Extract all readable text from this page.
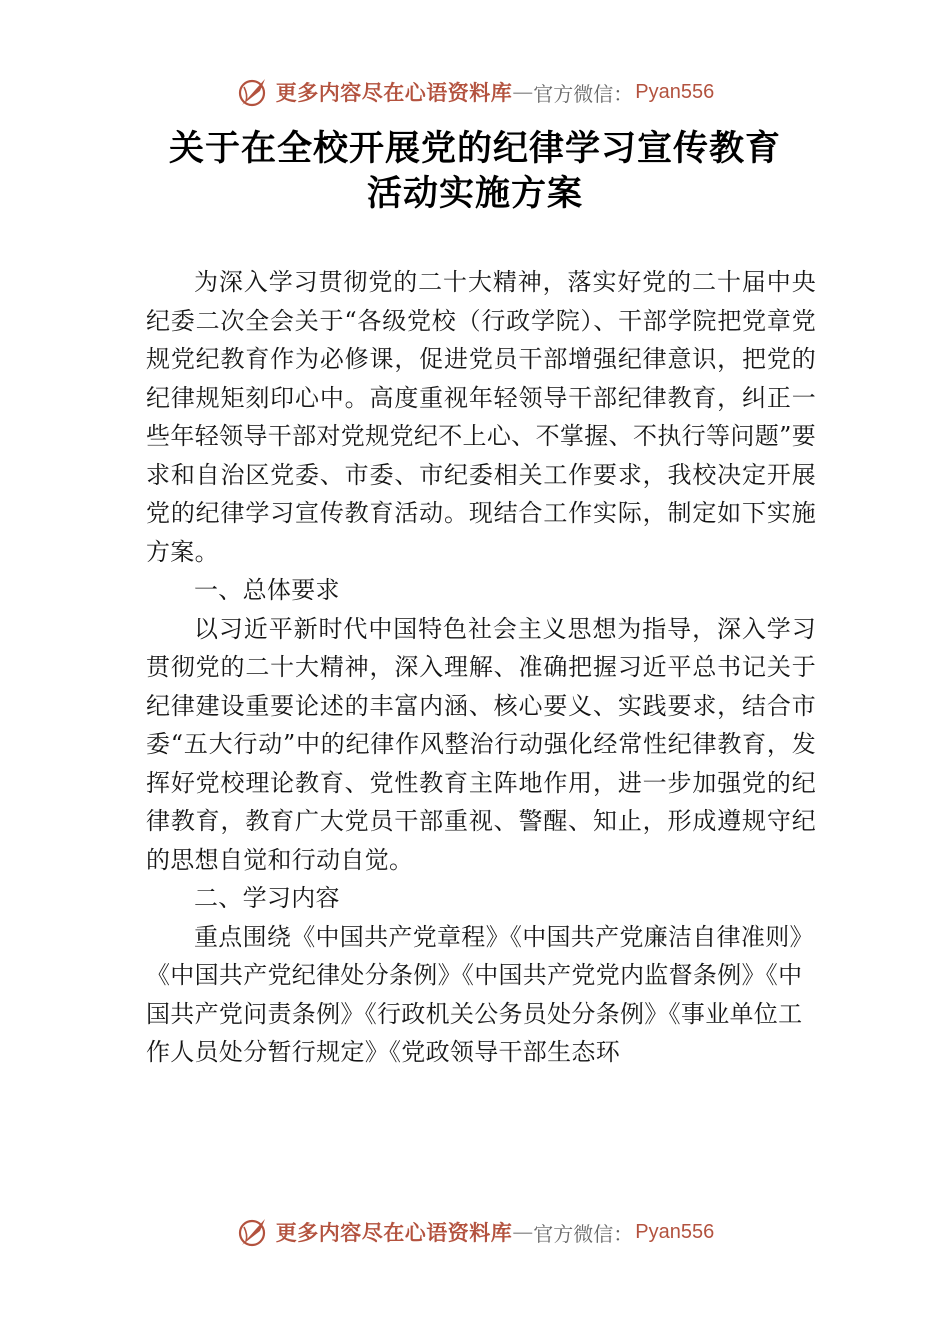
更多内容尽在心语资料库 — 官方微信： Pyan556
关于在全校开展党的纪律学习宣传教育
活动实施方案

为深入学习贯彻党的二十大精神，落实好党的二十届中央纪委二次全会关于“各级党校（行政学院）、干部学院把党章党规党纪教育作为必修课，促进党员干部增强纪律意识，把党的纪律规矩刻印心中。高度重视年轻领导干部纪律教育，纠正一些年轻领导干部对党规党纪不上心、不掌握、不执行等问题”要求和自治区党委、市委、市纪委相关工作要求，我校决定开展党的纪律学习宣传教育活动。现结合工作实际，制定如下实施方案。

一、总体要求

以习近平新时代中国特色社会主义思想为指导，深入学习贯彻党的二十大精神，深入理解、准确把握习近平总书记关于纪律建设重要论述的丰富内涵、核心要义、实践要求，结合市委“五大行动”中的纪律作风整治行动强化经常性纪律教育，发挥好党校理论教育、党性教育主阵地作用，进一步加强党的纪律教育，教育广大党员干部重视、警醒、知止，形成遵规守纪的思想自觉和行动自觉。

二、学习内容

重点围绕《中国共产党章程》《中国共产党廉洁自律准则》《中国共产党纪律处分条例》《中国共产党党内监督条例》《中国共产党问责条例》《行政机关公务员处分条例》《事业单位工作人员处分暂行规定》《党政领导干部生态环

更多内容尽在心语资料库 — 官方微信： Pyan556
